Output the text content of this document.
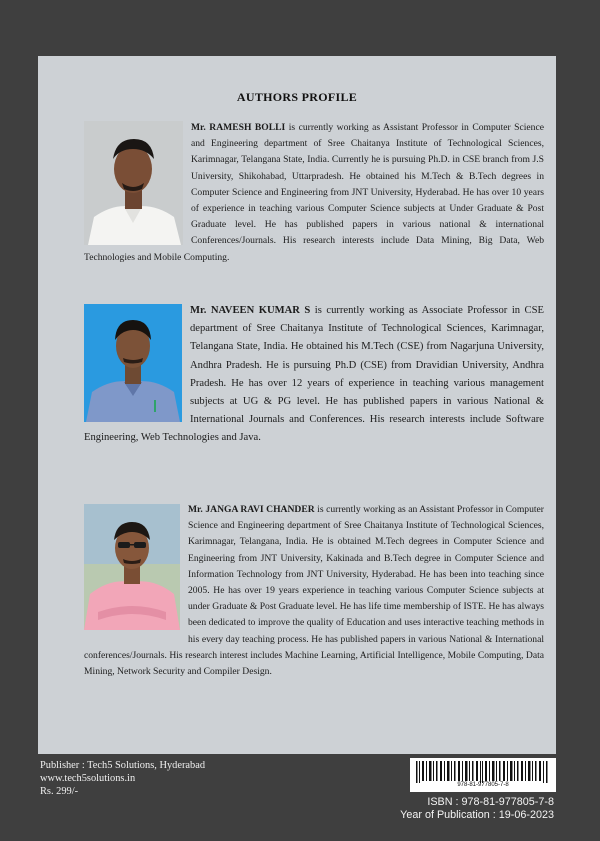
AUTHORS PROFILE

Mr. RAMESH BOLLI is currently working as Assistant Professor in Computer Science and Engineering department of Sree Chaitanya Institute of Technological Sciences, Karimnagar, Telangana State, India. Currently he is pursuing Ph.D. in CSE branch from J.S University, Shikohabad, Uttarpradesh. He obtained his M.Tech & B.Tech degrees in Computer Science and Engineering from JNT University, Hyderabad. He has over 10 years of experience in teaching various Computer Science subjects at Under Graduate & Post Graduate level. He has published papers in various national & international Conferences/Journals. His research interests include Data Mining, Big Data, Web Technologies and Mobile Computing.

Mr. NAVEEN KUMAR S is currently working as Associate Professor in CSE department of Sree Chaitanya Institute of Technological Sciences, Karimnagar, Telangana State, India. He obtained his M.Tech (CSE) from Nagarjuna University, Andhra Pradesh. He is pursuing Ph.D (CSE) from Dravidian University, Andhra Pradesh. He has over 12 years of experience in teaching various management subjects at UG & PG level. He has published papers in various National & International Journals and Conferences. His research interests include Software Engineering, Web Technologies and Java.

Mr. JANGA RAVI CHANDER is currently working as an Assistant Professor in Computer Science and Engineering department of Sree Chaitanya Institute of Technological Sciences, Karimnagar, Telangana, India. He is obtained M.Tech degrees in Computer Science and Engineering from JNT University, Kakinada and B.Tech degree in Computer Science and Information Technology from JNT University, Hyderabad. He has been into teaching since 2005. He has over 19 years experience in teaching various Computer Science subjects at under Graduate & Post Graduate level. He has life time membership of ISTE. He has always been dedicated to improve the quality of Education and uses interactive teaching methods in his every day teaching process. He has published papers in various National & International conferences/Journals. His research interest includes Machine Learning, Artificial Intelligence, Mobile Computing, Data Mining, Network Security and Compiler Design.

Publisher : Tech5 Solutions, Hyderabad
www.tech5solutions.in
Rs. 299/-
978-81-977805-7-8
ISBN : 978-81-977805-7-8
Year of Publication : 19-06-2023
